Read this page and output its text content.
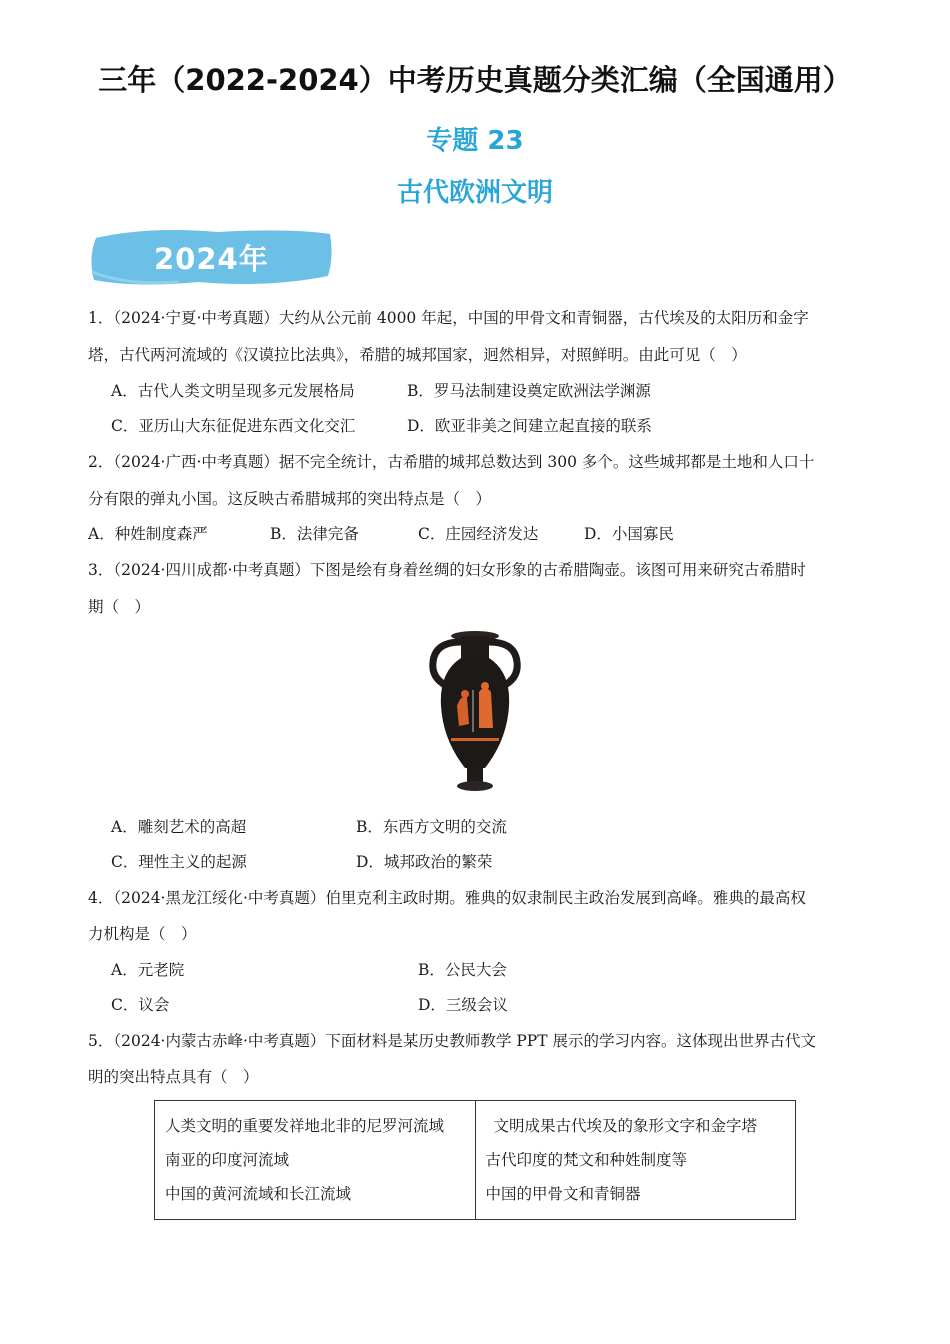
三年（2022-2024）中考历史真题分类汇编（全国通用）
专题 23
古代欧洲文明
2024年
1．（2024·宁夏·中考真题）大约从公元前 4000 年起，中国的甲骨文和青铜器，古代埃及的太阳历和金字
塔，古代两河流域的《汉谟拉比法典》，希腊的城邦国家，迥然相异，对照鲜明。由此可见（　）
A．古代人类文明呈现多元发展格局	B．罗马法制建设奠定欧洲法学渊源
C．亚历山大东征促进东西文化交汇	D．欧亚非美之间建立起直接的联系
2．（2024·广西·中考真题）据不完全统计，古希腊的城邦总数达到 300 多个。这些城邦都是土地和人口十
分有限的弹丸小国。这反映古希腊城邦的突出特点是（　）
A．种姓制度森严	B．法律完备	C．庄园经济发达	D．小国寡民
3．（2024·四川成都·中考真题）下图是绘有身着丝绸的妇女形象的古希腊陶壶。该图可用来研究古希腊时
期（　）
A．雕刻艺术的高超	B．东西方文明的交流
C．理性主义的起源	D．城邦政治的繁荣
4．（2024·黑龙江绥化·中考真题）伯里克利主政时期。雅典的奴隶制民主政治发展到高峰。雅典的最高权
力机构是（　）
A．元老院	B．公民大会
C．议会	D．三级会议
5．（2024·内蒙古赤峰·中考真题）下面材料是某历史教师教学 PPT 展示的学习内容。这体现出世界古代文
明的突出特点具有（　）
人类文明的重要发祥地北非的尼罗河流域
南亚的印度河流域
中国的黄河流域和长江流域

文明成果古代埃及的象形文字和金字塔
古代印度的梵文和种姓制度等
中国的甲骨文和青铜器
